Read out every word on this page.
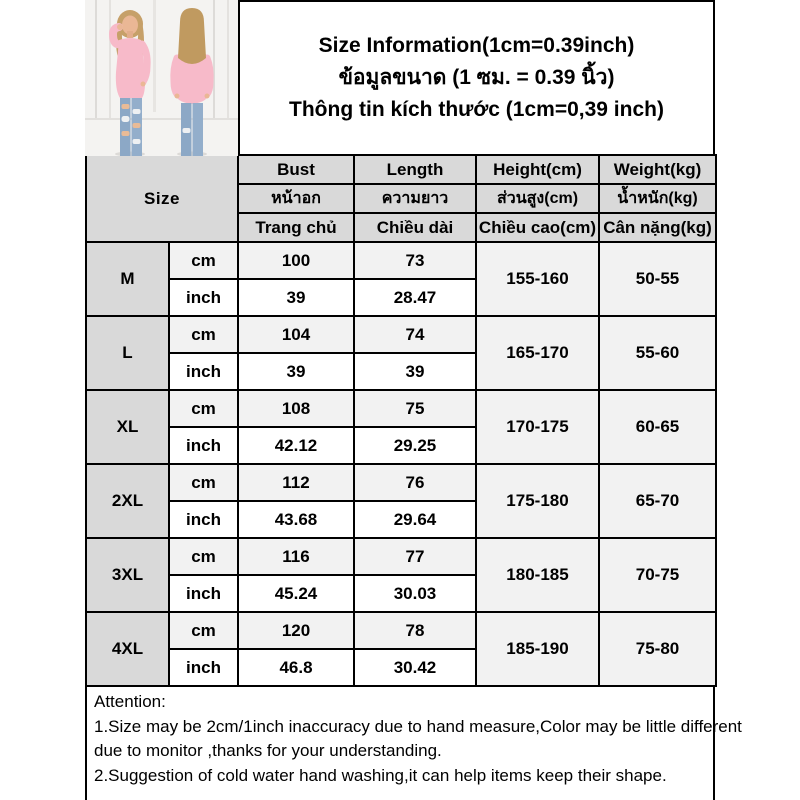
Size Information(1cm=0.39inch)
ข้อมูลขนาด (1 ซม. = 0.39 นิ้ว)
Thông tin kích thước (1cm=0,39 inch)
Size		Bust	Length	Height(cm)	Weight(kg)
		หน้าอก	ความยาว	ส่วนสูง(cm)	น้ำหนัก(kg)
		Trang chủ	Chiều dài	Chiều cao(cm)	Cân nặng(kg)
M	cm	100	73	155-160	50-55
	inch	39	28.47		
L	cm	104	74	165-170	55-60
	inch	39	39		
XL	cm	108	75	170-175	60-65
	inch	42.12	29.25		
2XL	cm	112	76	175-180	65-70
	inch	43.68	29.64		
3XL	cm	116	77	180-185	70-75
	inch	45.24	30.03		
4XL	cm	120	78	185-190	75-80
	inch	46.8	30.42		
Attention:
1.Size may be 2cm/1inch inaccuracy due to hand measure,Color may be little different
due to monitor ,thanks for your understanding.
2.Suggestion of cold water hand washing,it can help items keep their shape.
